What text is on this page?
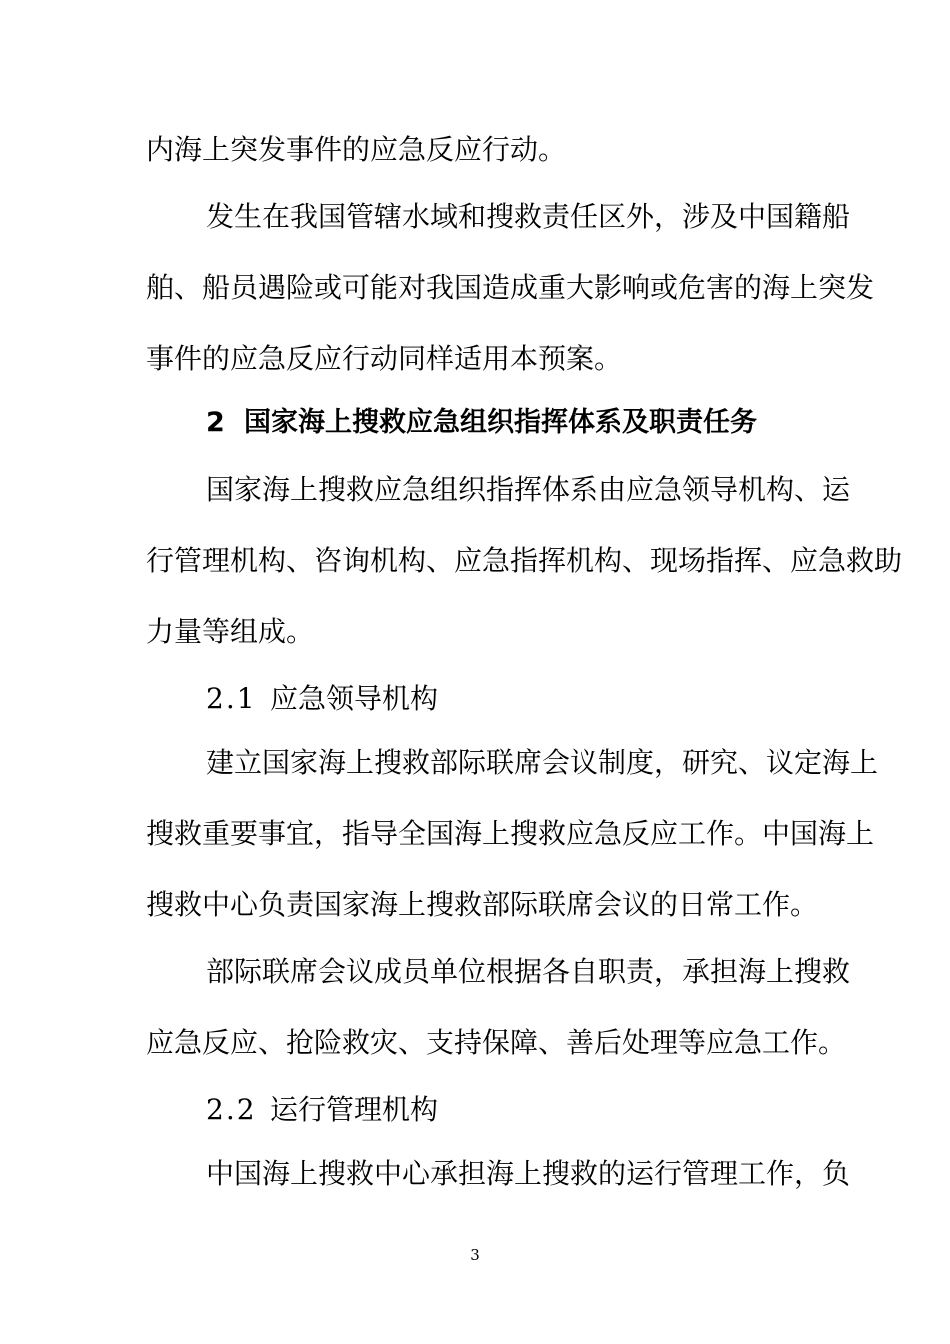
内海上突发事件的应急反应行动。
发生在我国管辖水域和搜救责任区外，涉及中国籍船
舶、船员遇险或可能对我国造成重大影响或危害的海上突发
事件的应急反应行动同样适用本预案。
2 国家海上搜救应急组织指挥体系及职责任务
国家海上搜救应急组织指挥体系由应急领导机构、运
行管理机构、咨询机构、应急指挥机构、现场指挥、应急救助
力量等组成。
2.1 应急领导机构
建立国家海上搜救部际联席会议制度，研究、议定海上
搜救重要事宜，指导全国海上搜救应急反应工作。中国海上
搜救中心负责国家海上搜救部际联席会议的日常工作。
部际联席会议成员单位根据各自职责，承担海上搜救
应急反应、抢险救灾、支持保障、善后处理等应急工作。
2.2 运行管理机构
中国海上搜救中心承担海上搜救的运行管理工作，负
3
